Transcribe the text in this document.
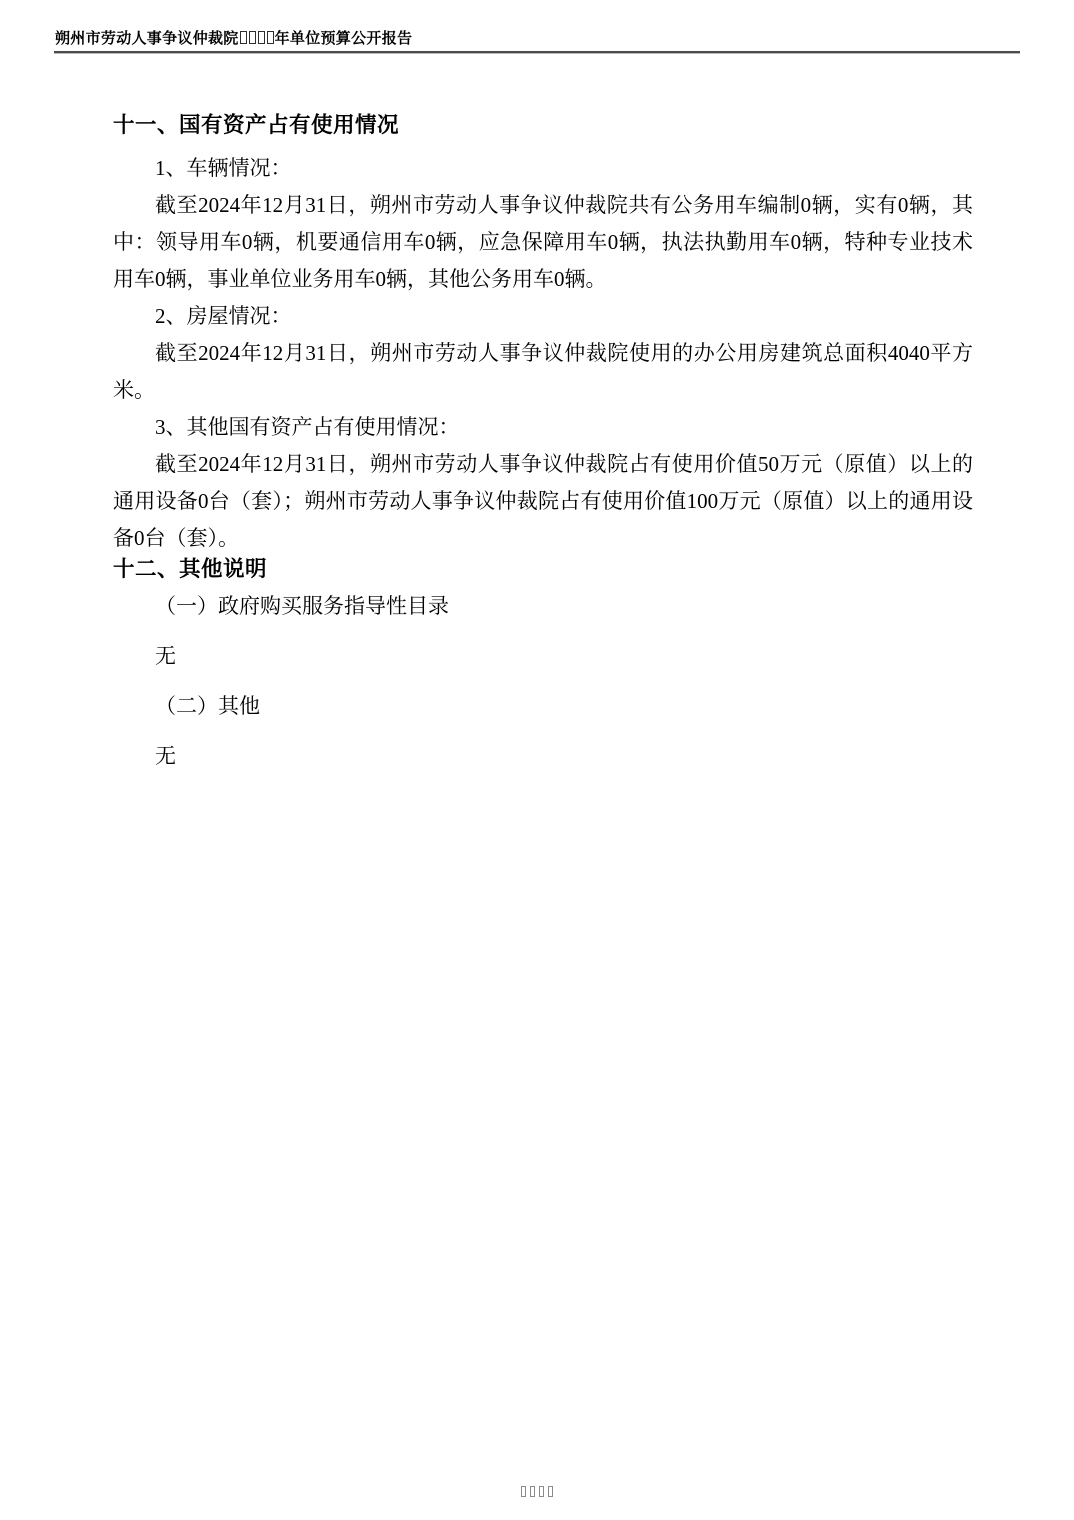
朔州市劳动人事争议仲裁院 年单位预算公开报告
十一、国有资产占有使用情况

1、车辆情况：

截至2024年12月31日，朔州市劳动人事争议仲裁院共有公务用车编制0辆，实有0辆，其中：领导用车0辆，机要通信用车0辆，应急保障用车0辆，执法执勤用车0辆，特种专业技术用车0辆，事业单位业务用车0辆，其他公务用车0辆。

2、房屋情况：

截至2024年12月31日，朔州市劳动人事争议仲裁院使用的办公用房建筑总面积4040平方米。

3、其他国有资产占有使用情况：

截至2024年12月31日，朔州市劳动人事争议仲裁院占有使用价值50万元（原值）以上的通用设备0台（套）；朔州市劳动人事争议仲裁院占有使用价值100万元（原值）以上的通用设备0台（套）。

十二、其他说明

（一）政府购买服务指导性目录

无

（二）其他

无
